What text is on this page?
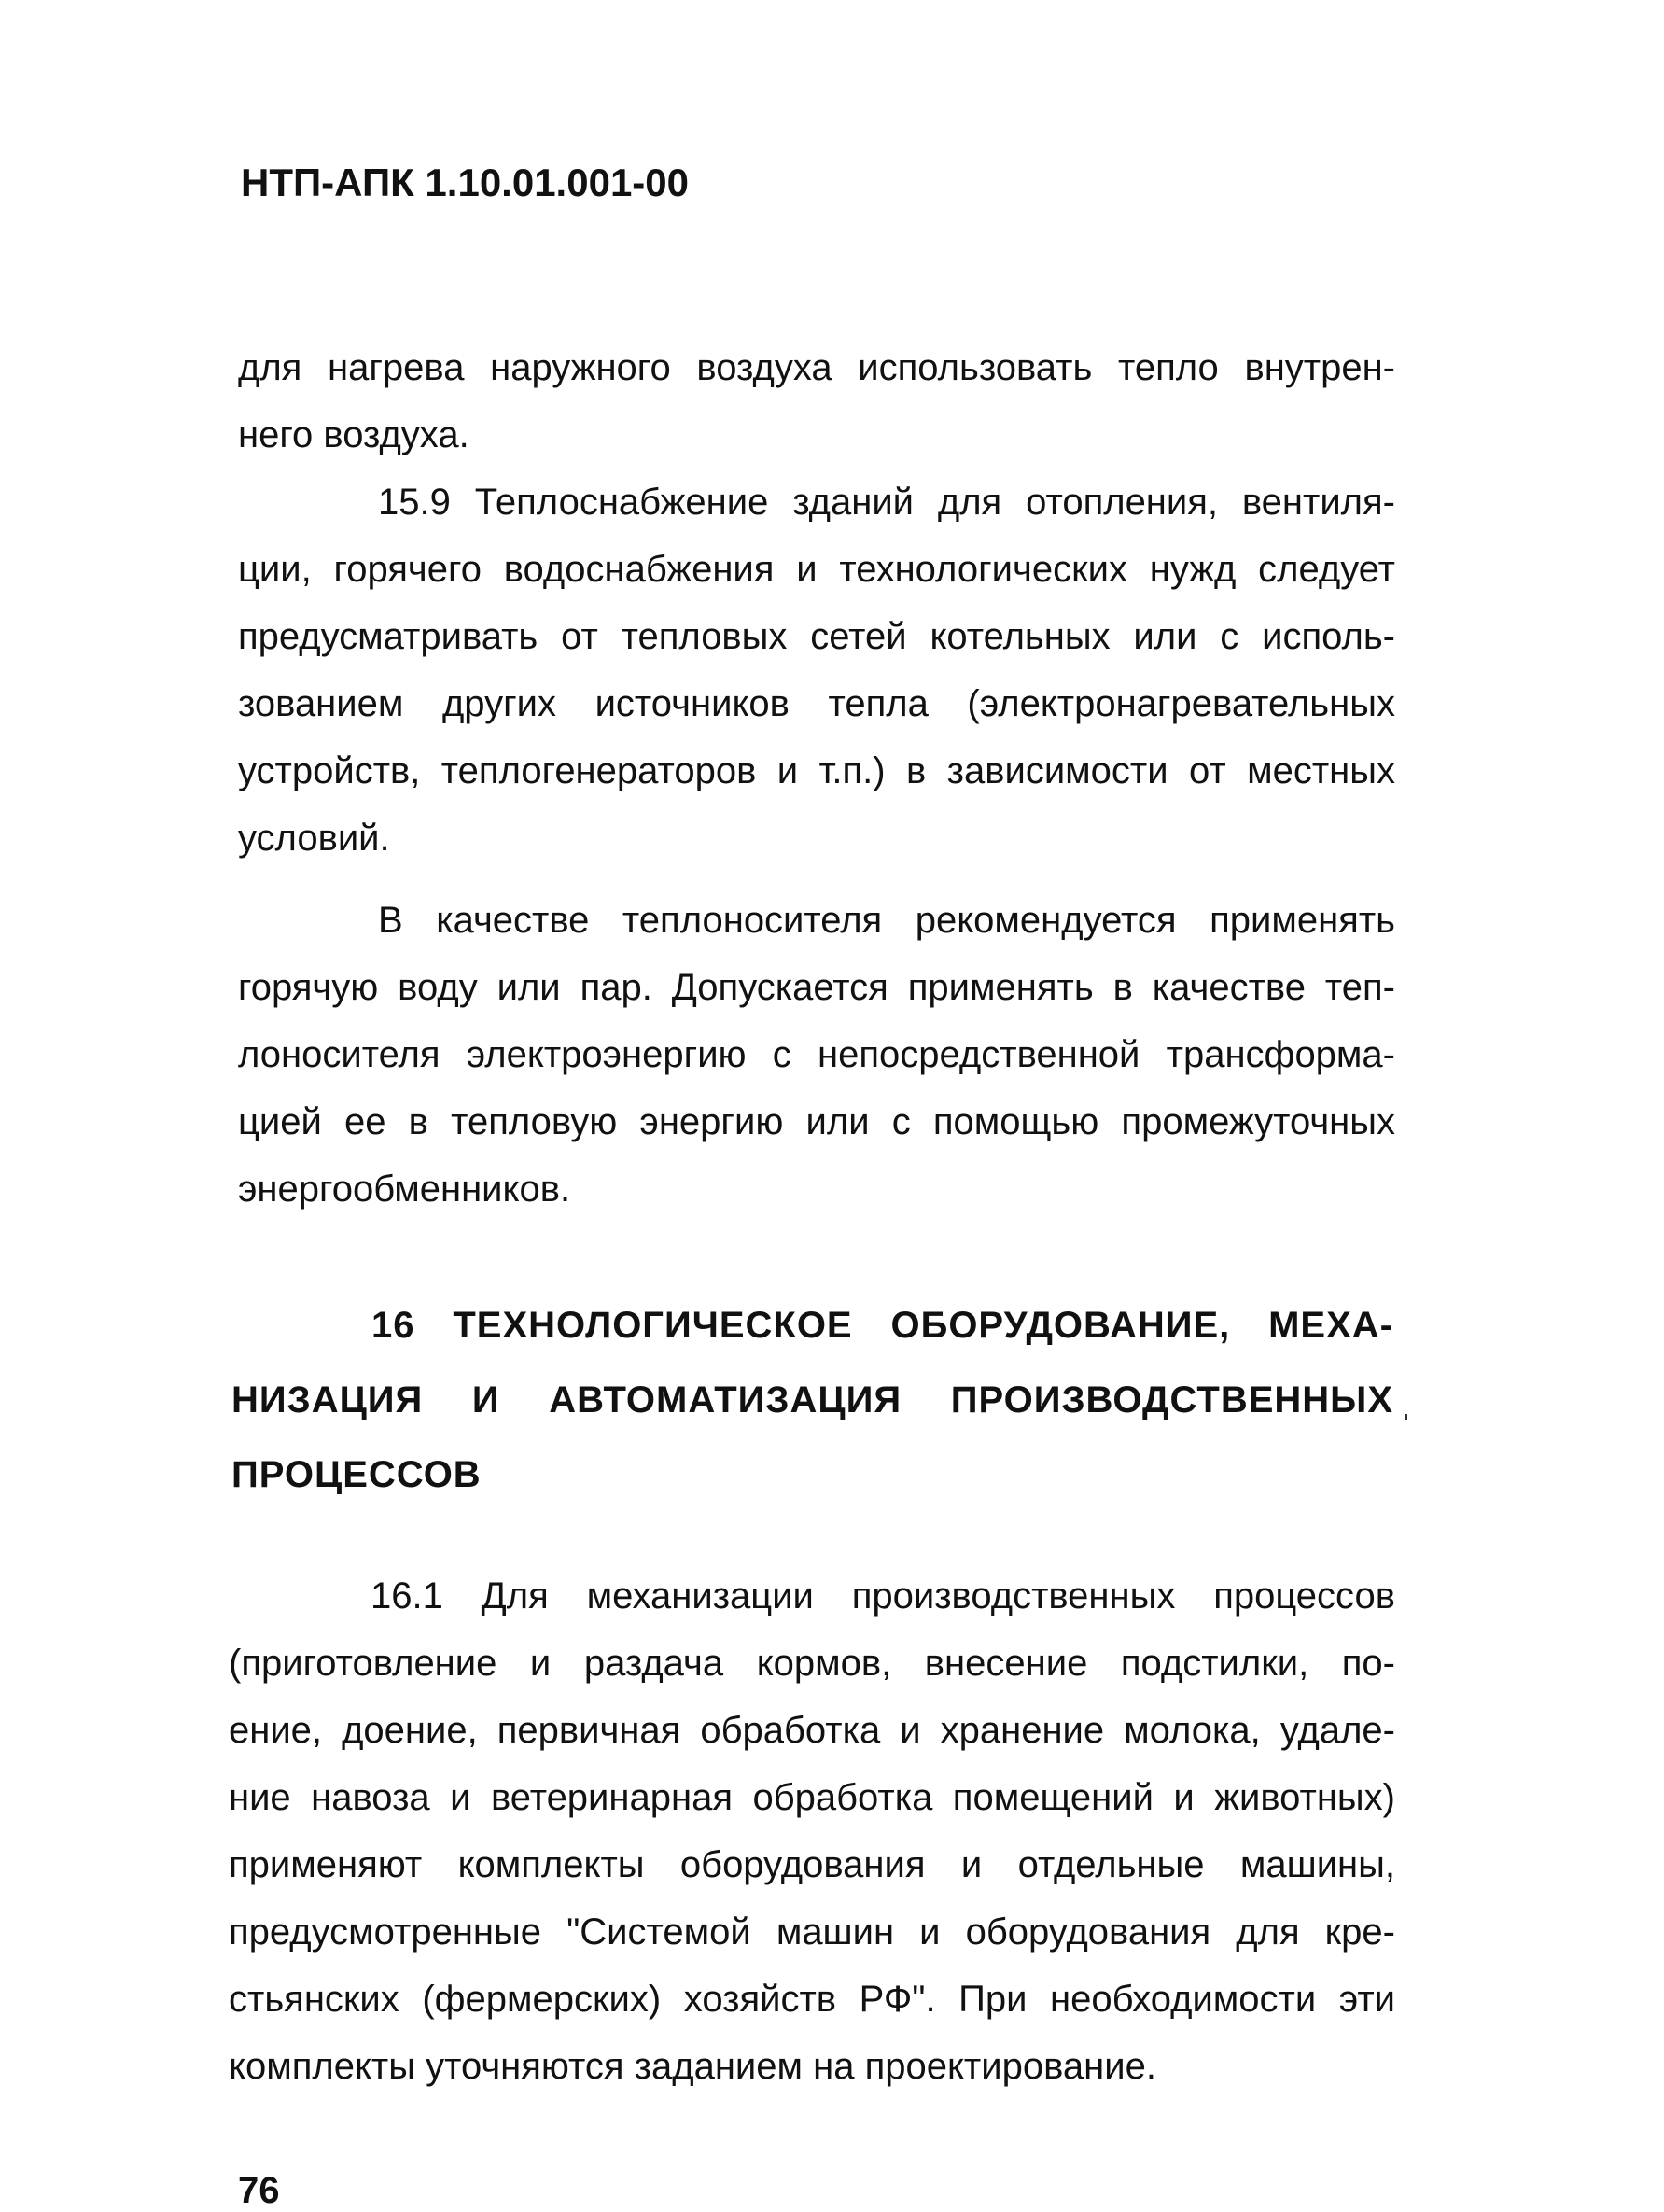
НТП-АПК 1.10.01.001-00
для нагрева наружного воздуха использовать тепло внутрен-
него воздуха.
15.9 Теплоснабжение зданий для отопления, вентиля-
ции, горячего водоснабжения и технологических нужд следует
предусматривать от тепловых сетей котельных или с исполь-
зованием других источников тепла (электронагревательных
устройств, теплогенераторов и т.п.) в зависимости от местных
условий.
В качестве теплоносителя рекомендуется применять
горячую воду или пар. Допускается применять в качестве теп-
лоносителя электроэнергию с непосредственной трансформа-
цией ее в тепловую энергию или с помощью промежуточных
энергообменников.
16 ТЕХНОЛОГИЧЕСКОЕ ОБОРУДОВАНИЕ, МЕХА-
НИЗАЦИЯ И АВТОМАТИЗАЦИЯ ПРОИЗВОДСТВЕННЫХ
ПРОЦЕССОВ
16.1 Для механизации производственных процессов
(приготовление и раздача кормов, внесение подстилки, по-
ение, доение, первичная обработка и хранение молока, удале-
ние навоза и ветеринарная обработка помещений и животных)
применяют комплекты оборудования и отдельные машины,
предусмотренные "Системой машин и оборудования для кре-
стьянских (фермерских) хозяйств РФ". При необходимости эти
комплекты уточняются заданием на проектирование.
76
